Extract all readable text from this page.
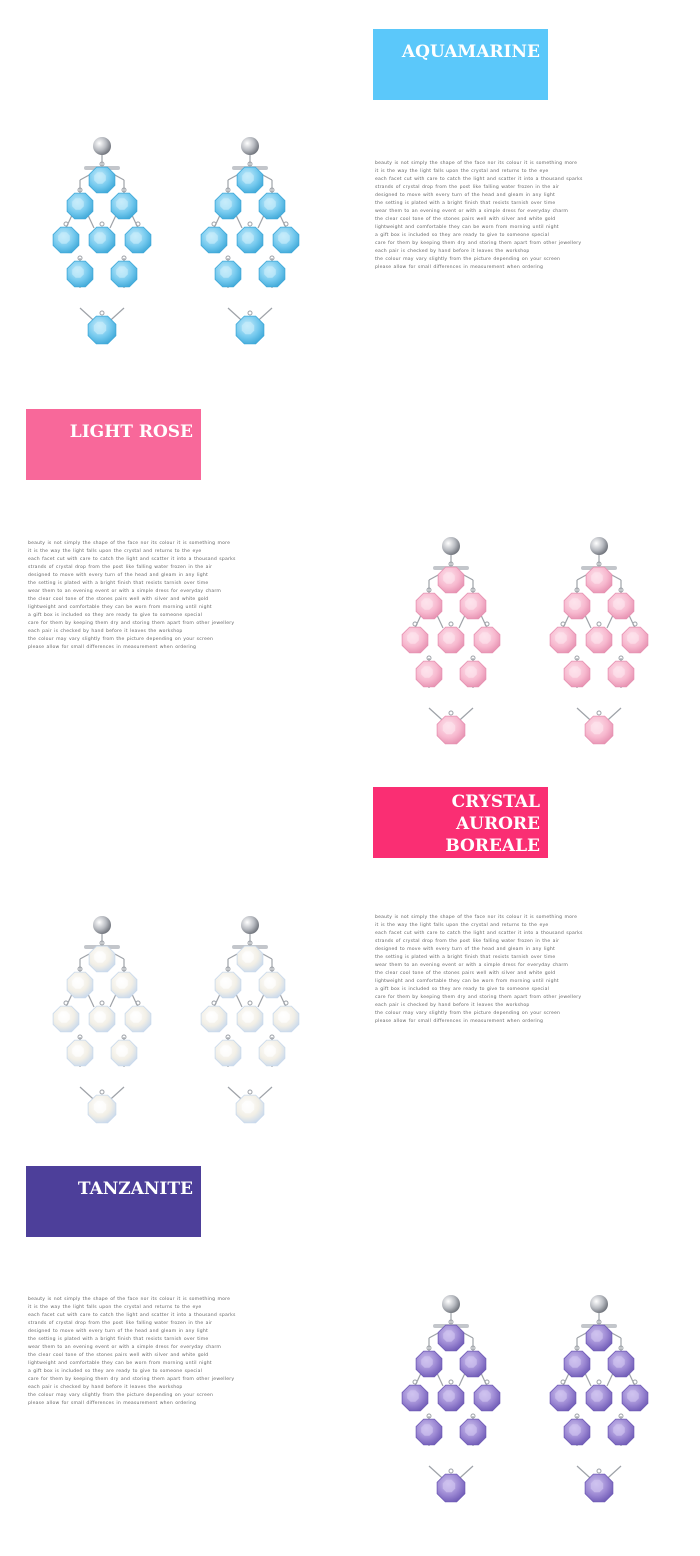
AQUAMARINE
beauty is not simply the shape of the face nor its colour it is something more
it is the way the light falls upon the crystal and returns to the eye
each facet cut with care to catch the light and scatter it into a thousand sparks
strands of crystal drop from the post like falling water frozen in the air
designed to move with every turn of the head and gleam in any light
the setting is plated with a bright finish that resists tarnish over time
wear them to an evening event or with a simple dress for everyday charm
the clear cool tone of the stones pairs well with silver and white gold
lightweight and comfortable they can be worn from morning until night
a gift box is included so they are ready to give to someone special
care for them by keeping them dry and storing them apart from other jewellery
each pair is checked by hand before it leaves the workshop
the colour may vary slightly from the picture depending on your screen
please allow for small differences in measurement when ordering
LIGHT ROSE
beauty is not simply the shape of the face nor its colour it is something more
it is the way the light falls upon the crystal and returns to the eye
each facet cut with care to catch the light and scatter it into a thousand sparks
strands of crystal drop from the post like falling water frozen in the air
designed to move with every turn of the head and gleam in any light
the setting is plated with a bright finish that resists tarnish over time
wear them to an evening event or with a simple dress for everyday charm
the clear cool tone of the stones pairs well with silver and white gold
lightweight and comfortable they can be worn from morning until night
a gift box is included so they are ready to give to someone special
care for them by keeping them dry and storing them apart from other jewellery
each pair is checked by hand before it leaves the workshop
the colour may vary slightly from the picture depending on your screen
please allow for small differences in measurement when ordering
CRYSTAL AURORE
BOREALE
beauty is not simply the shape of the face nor its colour it is something more
it is the way the light falls upon the crystal and returns to the eye
each facet cut with care to catch the light and scatter it into a thousand sparks
strands of crystal drop from the post like falling water frozen in the air
designed to move with every turn of the head and gleam in any light
the setting is plated with a bright finish that resists tarnish over time
wear them to an evening event or with a simple dress for everyday charm
the clear cool tone of the stones pairs well with silver and white gold
lightweight and comfortable they can be worn from morning until night
a gift box is included so they are ready to give to someone special
care for them by keeping them dry and storing them apart from other jewellery
each pair is checked by hand before it leaves the workshop
the colour may vary slightly from the picture depending on your screen
please allow for small differences in measurement when ordering
TANZANITE
beauty is not simply the shape of the face nor its colour it is something more
it is the way the light falls upon the crystal and returns to the eye
each facet cut with care to catch the light and scatter it into a thousand sparks
strands of crystal drop from the post like falling water frozen in the air
designed to move with every turn of the head and gleam in any light
the setting is plated with a bright finish that resists tarnish over time
wear them to an evening event or with a simple dress for everyday charm
the clear cool tone of the stones pairs well with silver and white gold
lightweight and comfortable they can be worn from morning until night
a gift box is included so they are ready to give to someone special
care for them by keeping them dry and storing them apart from other jewellery
each pair is checked by hand before it leaves the workshop
the colour may vary slightly from the picture depending on your screen
please allow for small differences in measurement when ordering
